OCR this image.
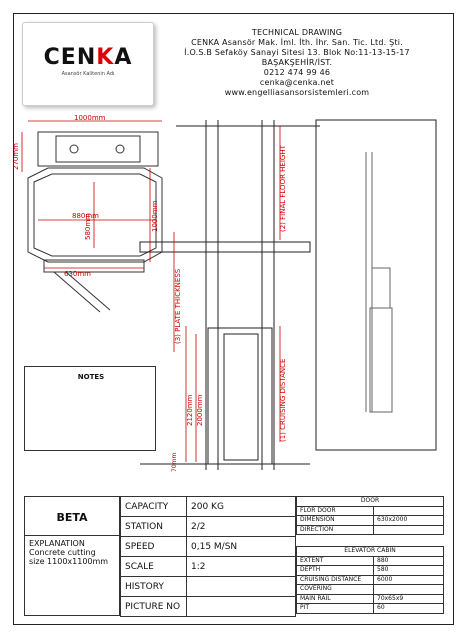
CENKA
Asansör Kalitenin Adı
TECHNICAL DRAWING
CENKA Asansör Mak. İml. İth. İhr. San. Tic. Ltd. Şti.
İ.O.S.B Sefaköy Sanayi Sitesi 13. Blok No:11-13-15-17
BAŞAKŞEHİR/İST.
0212 474 99 46
cenka@cenka.net
www.engelliasansorsistemleri.com
1000mm
270mm
880mm
580mm	1000mm
630mm
(2) FINAL FLOOR HEIGHT
(1) CRUISING DISTANCE
(3) PLATE THICKNESS
2000mm
2120mm
70mm
NOTES
BETA
EXPLANATION
Concrete cutting
size 1100x1100mm
CAPACITY	200 KG
STATION	2/2
SPEED	0,15 M/SN
SCALE	1:2
HISTORY	
PICTURE NO	
DOOR	
FLOR DOOR	
DIMENSION	630x2000
DIRECTION	
ELEVATOR CABİN	
EXTENT	880
DEPTH	580
CRUISING DISTANCE	6000
COVERING	
MAIN RAIL	70x65x9
PIT	60
